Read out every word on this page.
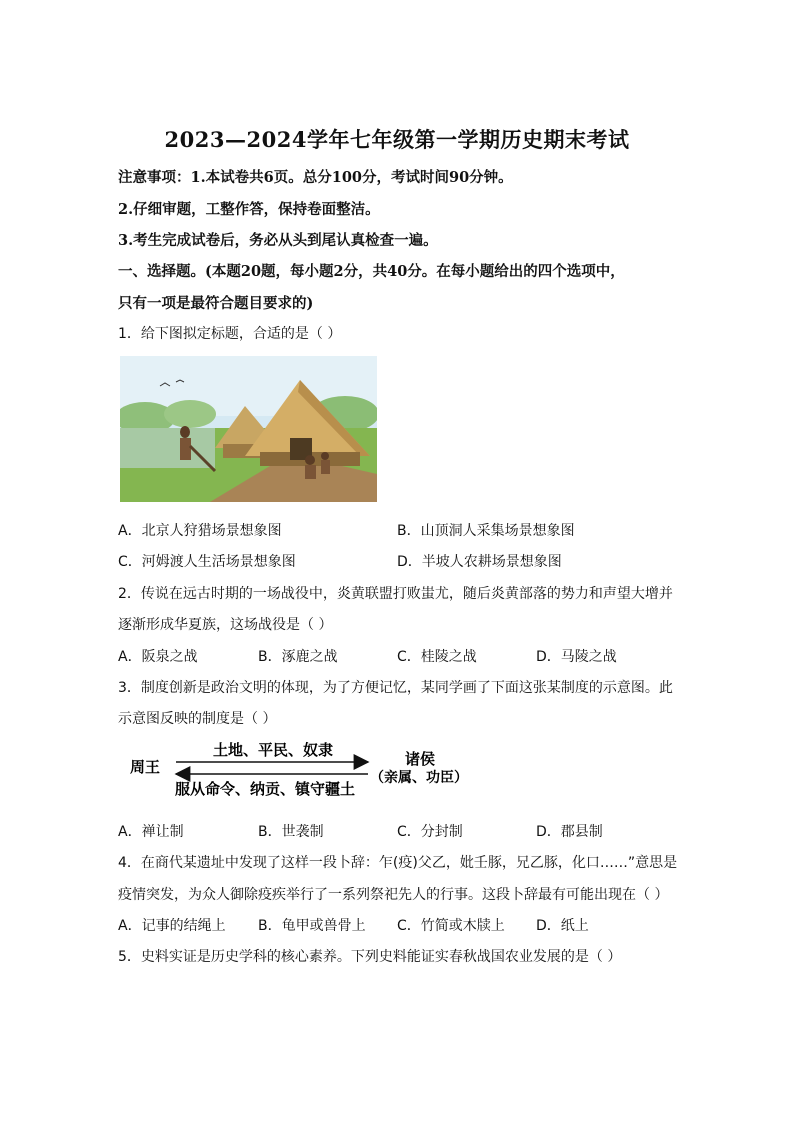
2023—2024学年七年级第一学期历史期末考试
注意事项：1.本试卷共6页。总分100分，考试时间90分钟。
2.仔细审题，工整作答，保持卷面整洁。
3.考生完成试卷后，务必从头到尾认真检查一遍。
一、选择题。(本题20题，每小题2分，共40分。在每小题给出的四个选项中，
只有一项是最符合题目要求的)
1．给下图拟定标题，合适的是（ ）
A．北京人狩猎场景想象图	B．山顶洞人采集场景想象图
C．河姆渡人生活场景想象图	D．半坡人农耕场景想象图
2．传说在远古时期的一场战役中，炎黄联盟打败蚩尤，随后炎黄部落的势力和声望大增并
逐渐形成华夏族，这场战役是（ ）
A．阪泉之战	B．涿鹿之战	C．桂陵之战	D．马陵之战
3．制度创新是政治文明的体现，为了方便记忆，某同学画了下面这张某制度的示意图。此
示意图反映的制度是（ ）
周王
土地、平民、奴隶	诸侯
（亲属、功臣）
服从命令、纳贡、镇守疆土
A．禅让制	B．世袭制	C．分封制	D．郡县制
4．在商代某遗址中发现了这样一段卜辞：乍(疫)父乙，妣壬豚，兄乙豚，化口……”意思是
疫情突发，为众人御除疫疾举行了一系列祭祀先人的行事。这段卜辞最有可能出现在（ ）
A．记事的结绳上 B．龟甲或兽骨上 C．竹简或木牍上 D．纸上
5．史料实证是历史学科的核心素养。下列史料能证实春秋战国农业发展的是（ ）
